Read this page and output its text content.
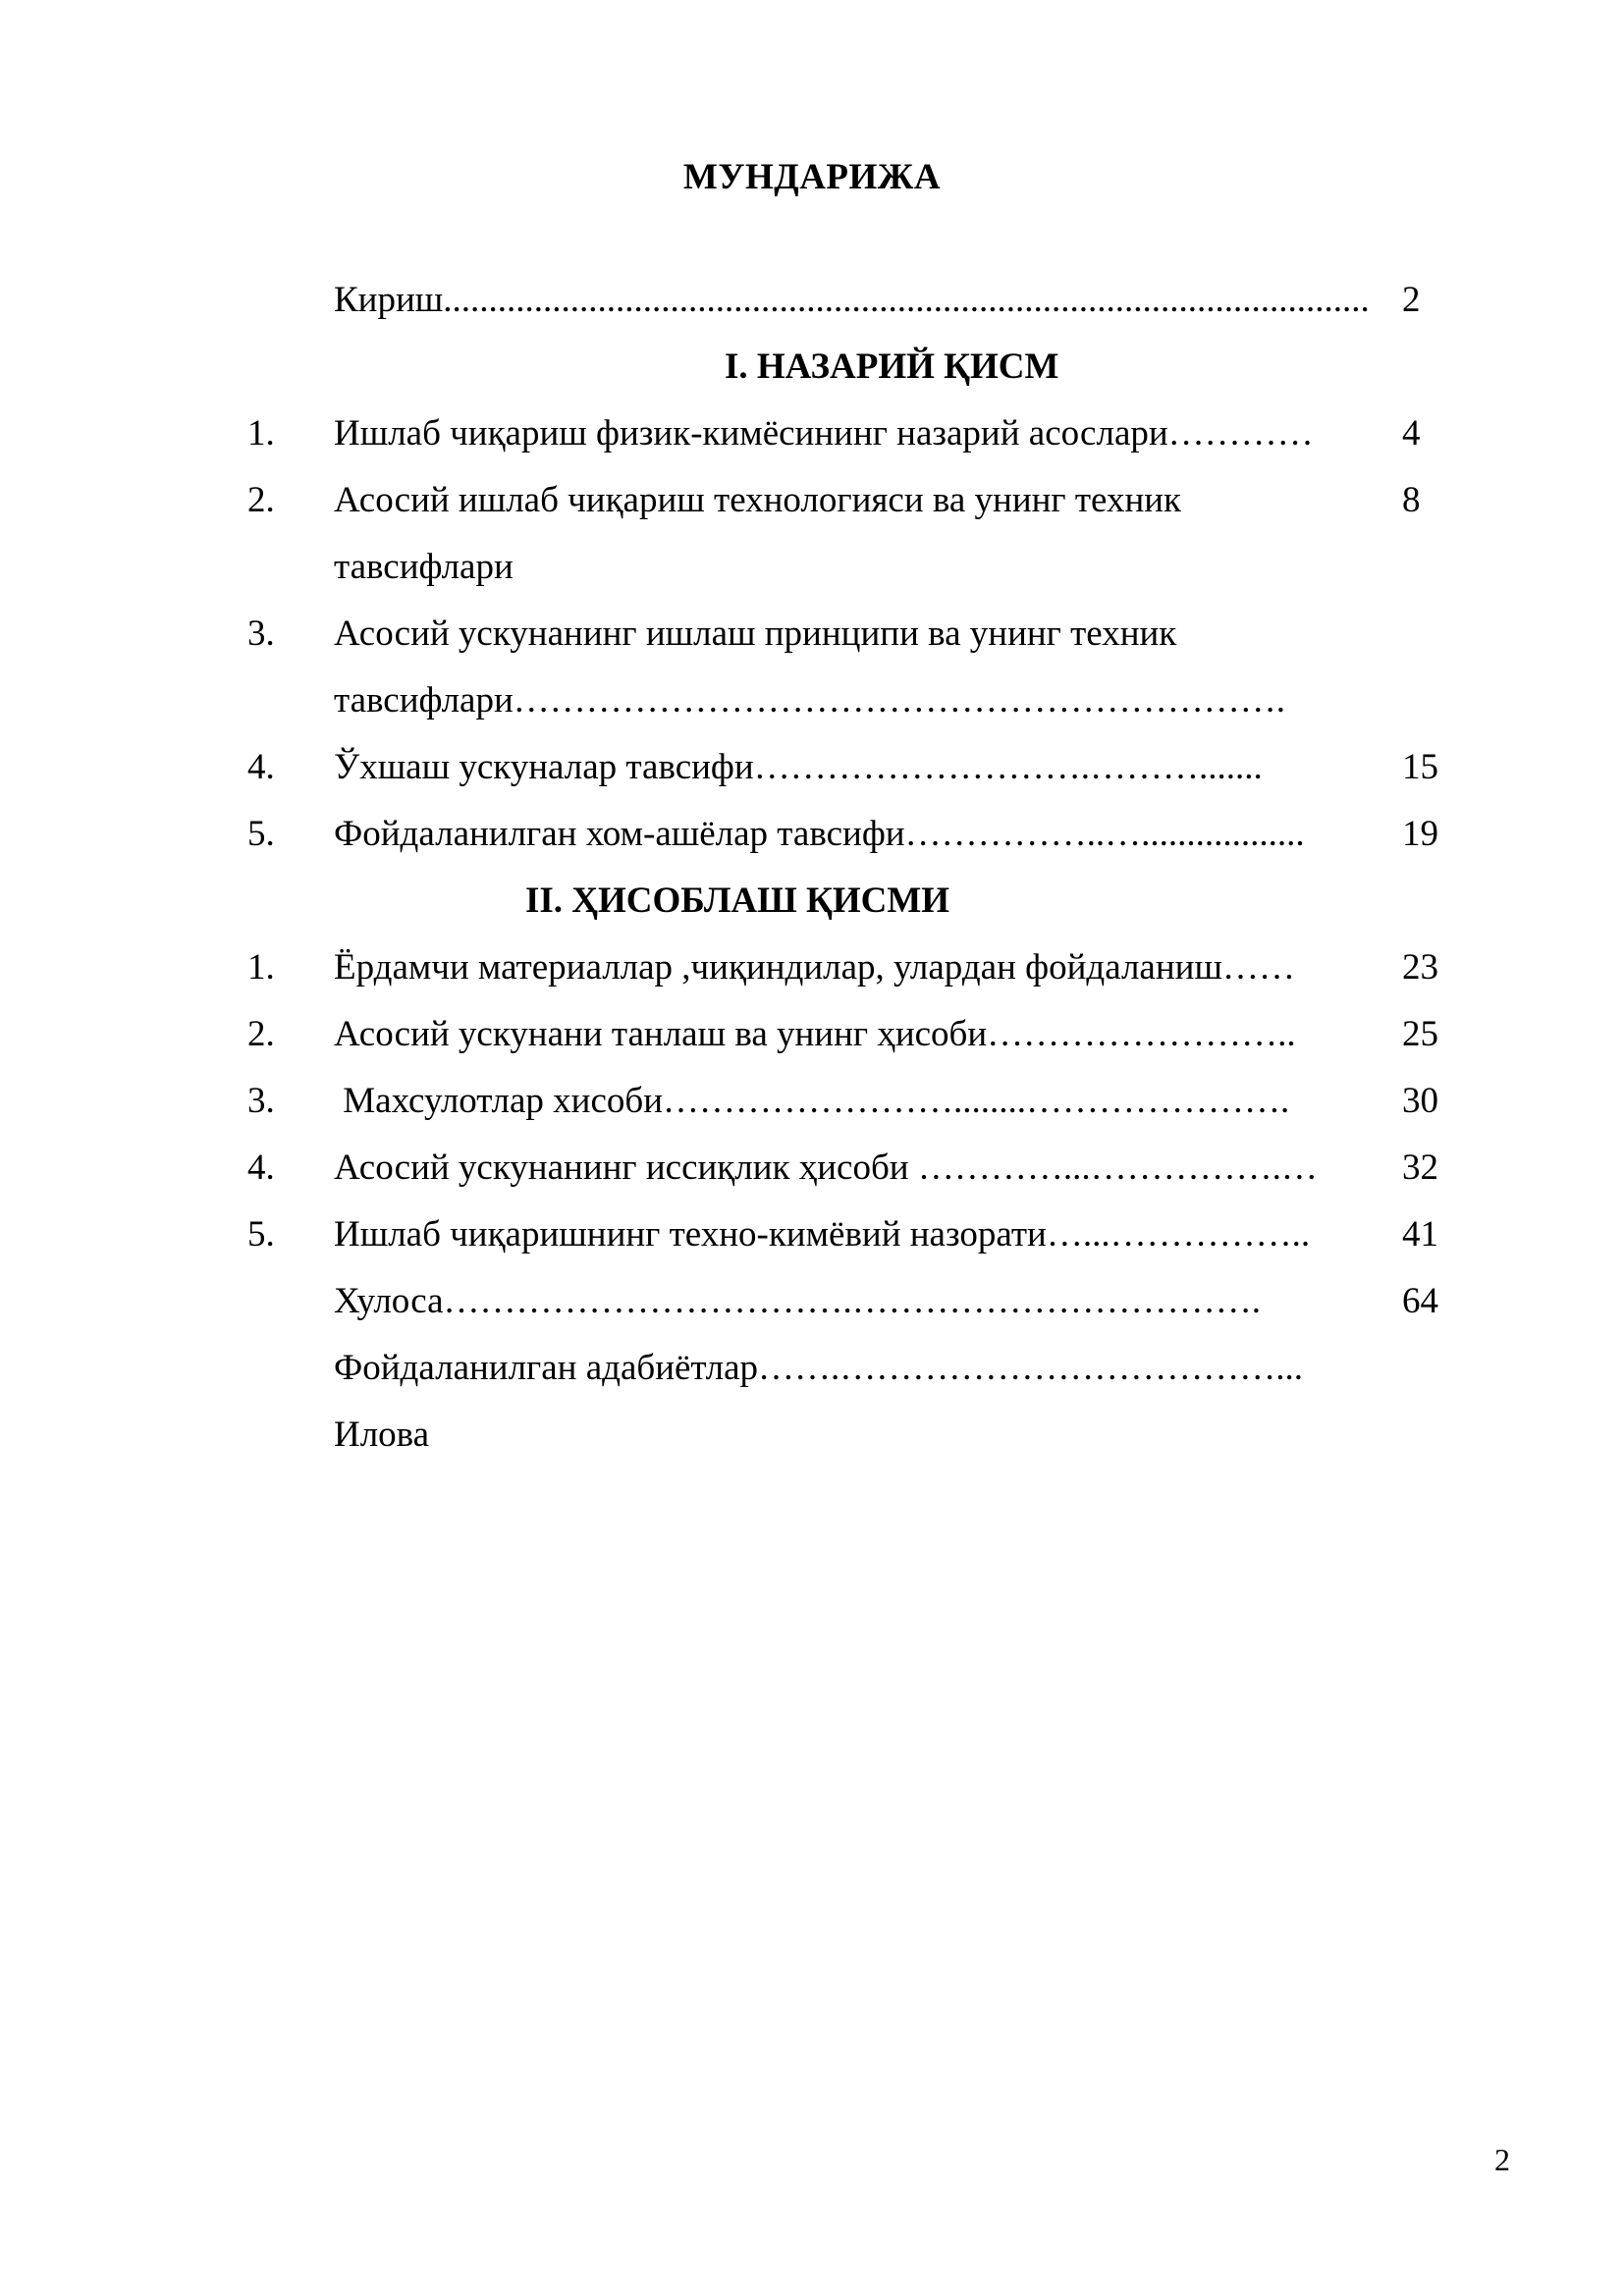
МУНДАРИЖА
Кириш...................................................................................................... 2
I. НАЗАРИЙ ҚИСМ
1. Ишлаб чиқариш физик-кимёсининг назарий асослари………… 4
2. Асосий ишлаб чиқариш технологияси ва унинг техник	8
тавсифлари
3. Асосий ускунанинг ишлаш принципи ва унинг техник
тавсифлари……………………………………………………….
4. Ўхшаш ускуналар тавсифи……………………….……….......	15
5. Фойдаланилган хом-ашёлар тавсифи……………..…..................	19
II. ҲИСОБЛАШ ҚИСМИ
1. Ёрдамчи материаллар ,чиқиндилар, улардан фойдаланиш……	23
2. Асосий ускунани танлаш ва унинг ҳисоби……………………..	25
3. Махсулотлар хисоби……………………........………………….	30
4. Асосий ускунанинг иссиқлик ҳисоби …………...…………….… 32
5. Ишлаб чиқаришнинг техно-кимёвий назорати…...……………..	41
Хулоса…………………………….…………………………….	64
Фойдаланилган адабиётлар…….………………………………...
Илова
2
